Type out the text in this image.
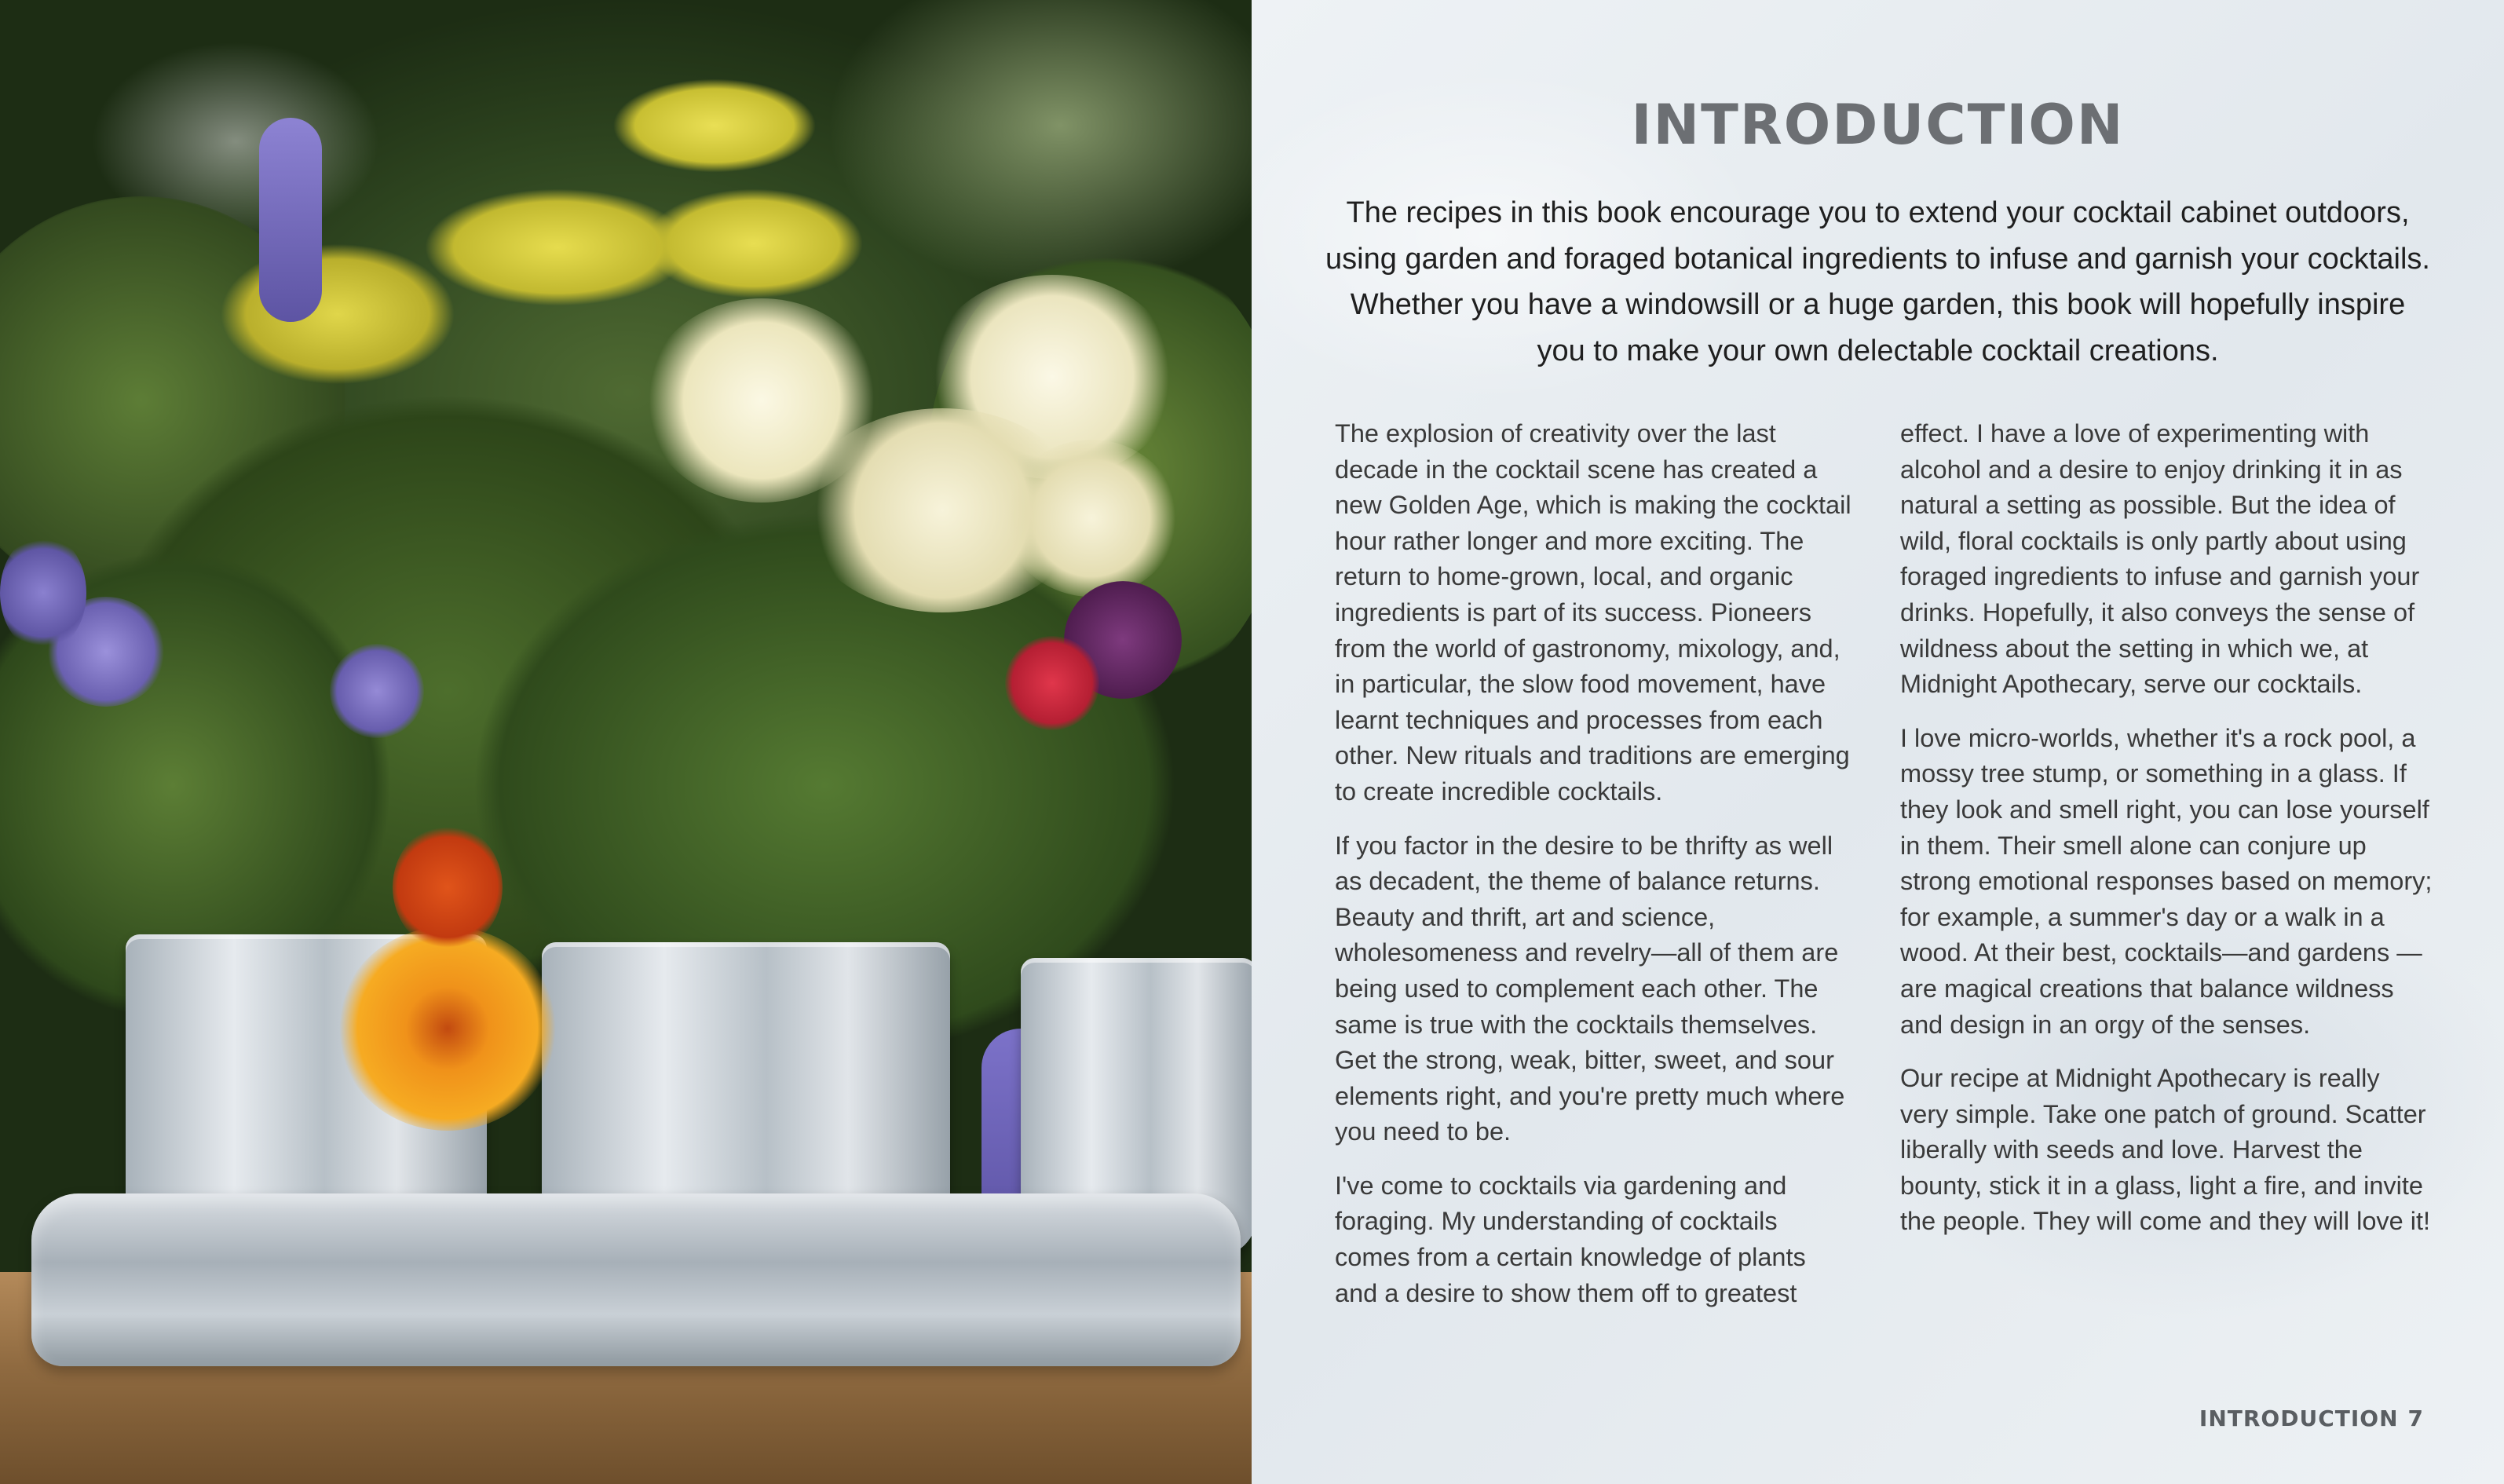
INTRODUCTION
The recipes in this book encourage you to extend your cocktail cabinet outdoors, using garden and foraged botanical ingredients to infuse and garnish your cocktails. Whether you have a windowsill or a huge garden, this book will hopefully inspire you to make your own delectable cocktail creations.

The explosion of creativity over the last decade in the cocktail scene has created a new Golden Age, which is making the cocktail hour rather longer and more exciting. The return to home-grown, local, and organic ingredients is part of its success. Pioneers from the world of gastronomy, mixology, and, in particular, the slow food movement, have learnt techniques and processes from each other. New rituals and traditions are emerging to create incredible cocktails.

If you factor in the desire to be thrifty as well as decadent, the theme of balance returns. Beauty and thrift, art and science, wholesomeness and revelry—all of them are being used to complement each other. The same is true with the cocktails themselves. Get the strong, weak, bitter, sweet, and sour elements right, and you're pretty much where you need to be.

I've come to cocktails via gardening and foraging. My understanding of cocktails comes from a certain knowledge of plants and a desire to show them off to greatest

effect. I have a love of experimenting with alcohol and a desire to enjoy drinking it in as natural a setting as possible. But the idea of wild, floral cocktails is only partly about using foraged ingredients to infuse and garnish your drinks. Hopefully, it also conveys the sense of wildness about the setting in which we, at Midnight Apothecary, serve our cocktails.

I love micro-worlds, whether it's a rock pool, a mossy tree stump, or something in a glass. If they look and smell right, you can lose yourself in them. Their smell alone can conjure up strong emotional responses based on memory; for example, a summer's day or a walk in a wood. At their best, cocktails—and gardens —are magical creations that balance wildness and design in an orgy of the senses.

Our recipe at Midnight Apothecary is really very simple. Take one patch of ground. Scatter liberally with seeds and love. Harvest the bounty, stick it in a glass, light a fire, and invite the people. They will come and they will love it!

INTRODUCTION 7
